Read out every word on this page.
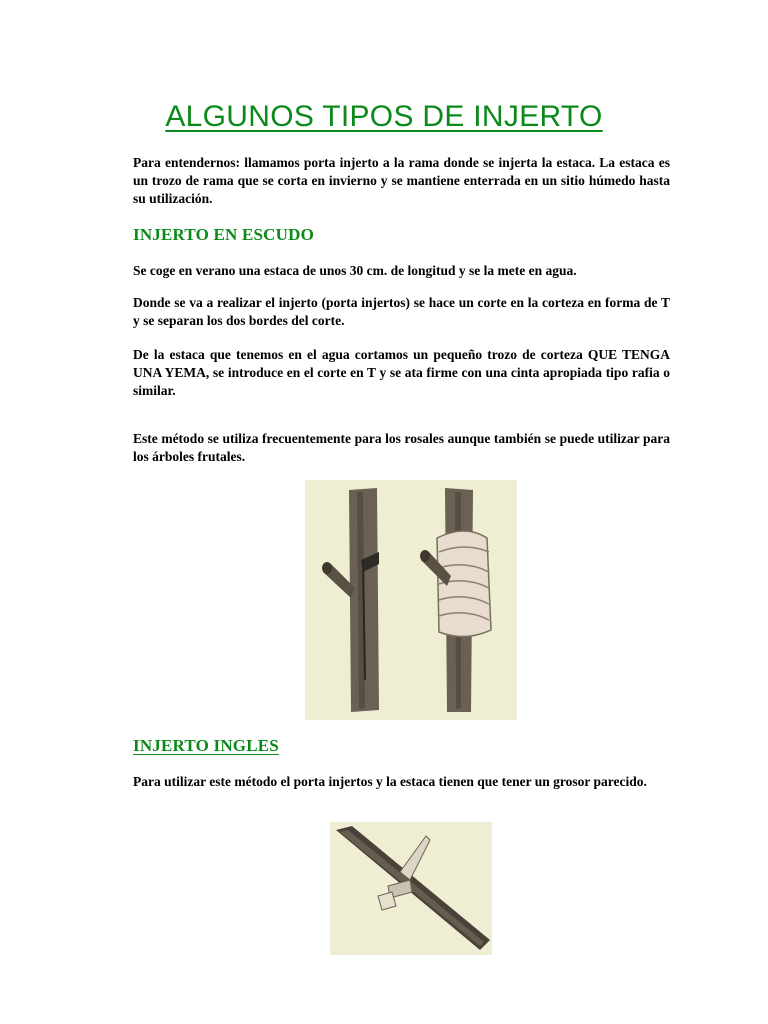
ALGUNOS TIPOS DE INJERTO

Para entendernos: llamamos porta injerto a la rama donde se injerta la estaca. La estaca es un trozo de rama que se corta en invierno y se mantiene enterrada en un sitio húmedo hasta su utilización.

INJERTO EN ESCUDO

Se coge en verano una estaca de unos 30 cm. de longitud y se la mete en agua.

Donde se va a realizar el injerto (porta injertos) se hace un corte en la corteza en forma de T y se separan los dos bordes del corte.

De la estaca que tenemos en el agua cortamos un pequeño trozo de corteza QUE TENGA UNA YEMA, se introduce en el corte en T y se ata firme con una cinta apropiada tipo rafia o similar.

Este método se utiliza frecuentemente para los rosales aunque también se puede utilizar para los árboles frutales.

INJERTO INGLES

Para utilizar este método el porta injertos y la estaca tienen que tener un grosor parecido.
